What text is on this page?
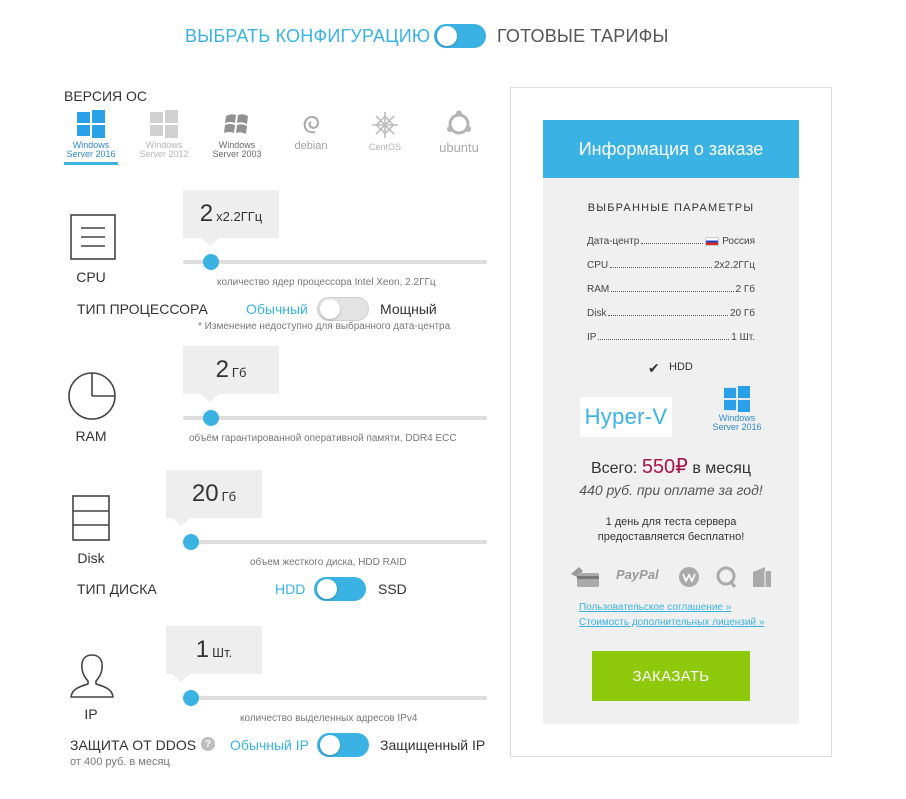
ВЫБРАТЬ КОНФИГУРАЦИЮ	ГОТОВЫЕ ТАРИФЫ
ВЕРСИЯ ОС
Windows
Server 2016
Windows
Server 2012
Windows
Server 2003
debian	CentOS	ubuntu
CPU
2 x2.2ГГц
количество ядер процессора Intel Xeon, 2.2ГГц
ТИП ПРОЦЕССОРА	Обычный	Мощный
* Изменение недоступно для выбранного дата-центра
RAM
2 Гб
объём гарантированной оперативной памяти, DDR4 ECC
Disk
20 Гб
объем жесткого диска, HDD RAID
ТИП ДИСКА	HDD	SSD
IP
1 Шт.
количество выделенных адресов IPv4
ЗАЩИТА ОТ DDOS ?
от 400 руб. в месяц
Обычный IP	Защищенный IP
Информация о заказе
ВЫБРАННЫЕ ПАРАМЕТРЫ
Дата-центр	Россия
CPU	2x2.2ГГц
RAM	2 Гб
Disk	20 Гб
IP	1 Шт.
✔ HDD
Hyper-V	Windows
Server 2016
Всего: 550₽ в месяц
440 руб. при оплате за год!
1 день для теста сервера
предоставляется бесплатно!
PayPal
Пользовательское соглашение »
Стоимость дополнительных лицензий »
ЗАКАЗАТЬ
